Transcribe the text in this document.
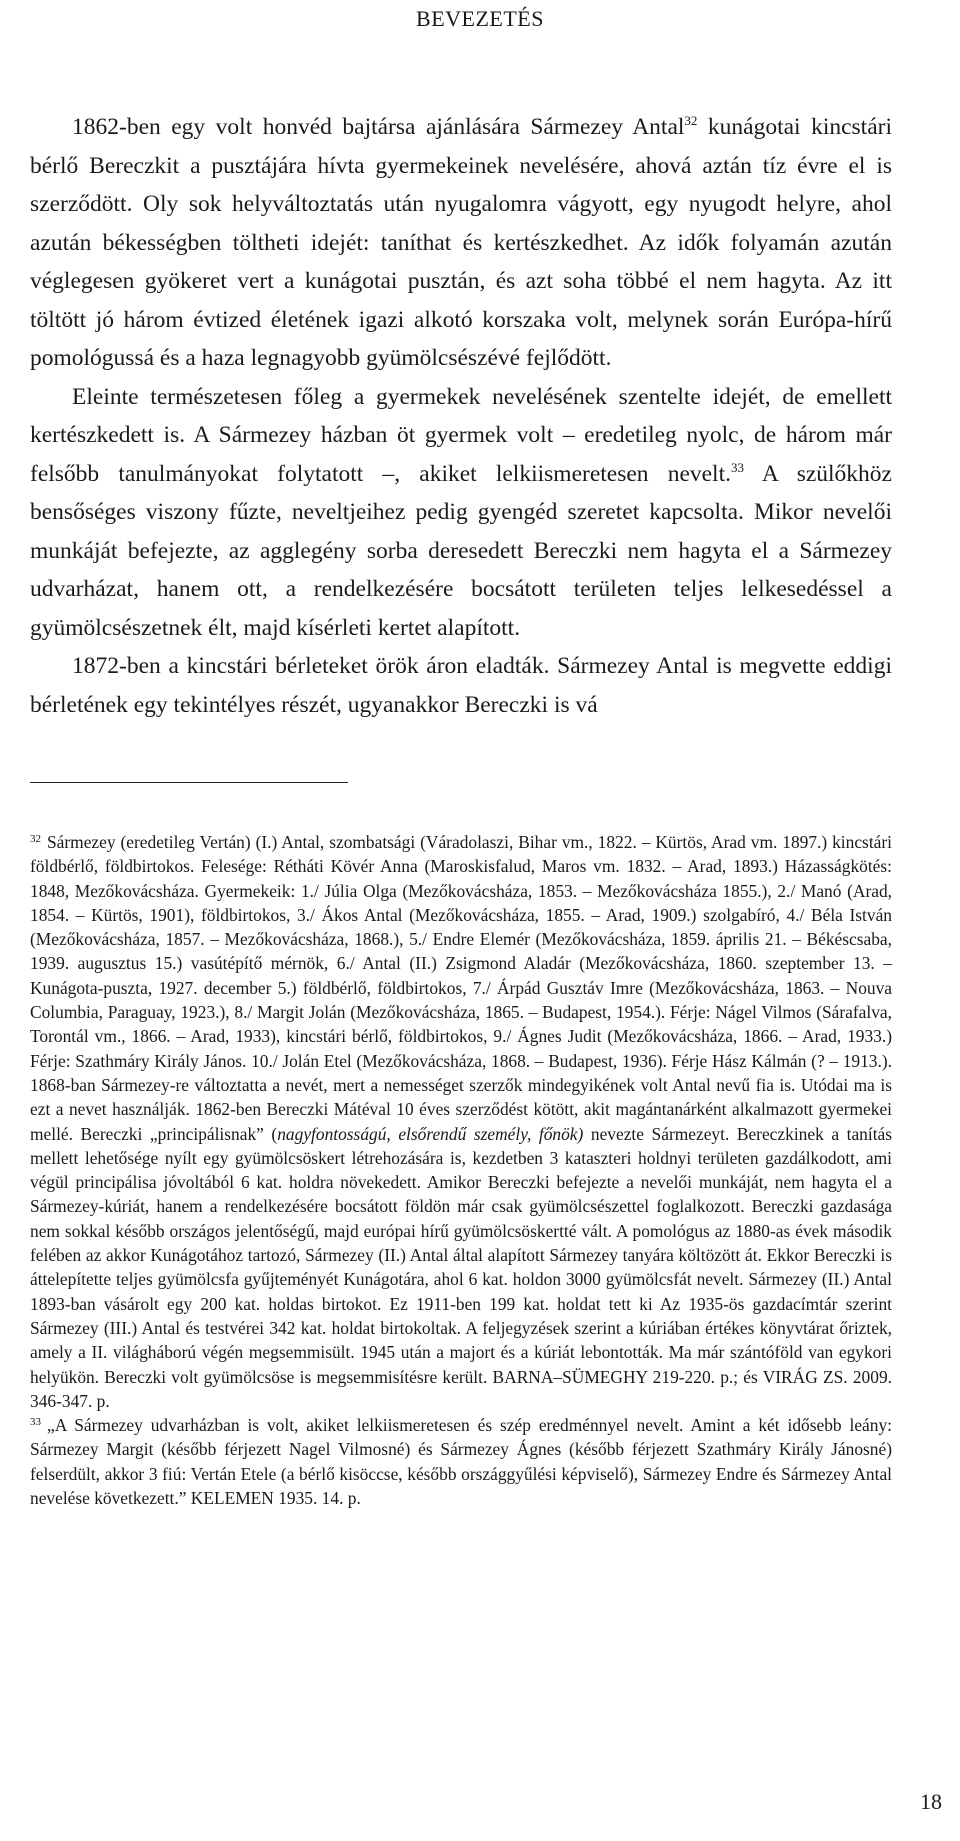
BEVEZETÉS

1862-ben egy volt honvéd bajtársa ajánlására Sármezey Antal$^{32}$ kunágotai kincstári bérlő Bereczkit a pusztájára hívta gyermekeinek nevelésére, ahová aztán tíz évre el is szerződött. Oly sok helyváltoztatás után nyugalomra vágyott, egy nyugodt helyre, ahol azután békességben töltheti idejét: taníthat és kertészkedhet. Az idők folyamán azután véglegesen gyökeret vert a kunágotai pusztán, és azt soha többé el nem hagyta. Az itt töltött jó három évtized életének igazi alkotó korszaka volt, melynek során Európa-hírű pomológussá és a haza legnagyobb gyümölcsészévé fejlődött.

Eleinte természetesen főleg a gyermekek nevelésének szentelte idejét, de emellett kertészkedett is. A Sármezey házban öt gyermek volt – eredetileg nyolc, de három már felsőbb tanulmányokat folytatott –, akiket lelkiismeretesen nevelt.$^{33}$ A szülőkhöz bensőséges viszony fűzte, neveltjeihez pedig gyengéd szeretet kapcsolta. Mikor nevelői munkáját befejezte, az agglegény sorba deresedett Bereczki nem hagyta el a Sármezey udvarházat, hanem ott, a rendelkezésére bocsátott területen teljes lelkesedéssel a gyümölcsészetnek élt, majd kísérleti kertet alapított.

1872-ben a kincstári bérleteket örök áron eladták. Sármezey Antal is megvette eddigi bérletének egy tekintélyes részét, ugyanakkor Bereczki is vá

$^{32}$ Sármezey (eredetileg Vertán) (I.) Antal, szombatsági (Váradolaszi, Bihar vm., 1822. – Kürtös, Arad vm. 1897.) kincstári földbérlő, földbirtokos. Felesége: Rétháti Kövér Anna (Maroskisfalud, Maros vm. 1832. – Arad, 1893.) Házasságkötés: 1848, Mezőkovácsháza. Gyermekeik: 1./ Júlia Olga (Mezőkovácsháza, 1853. – Mezőkovácsháza 1855.), 2./ Manó (Arad, 1854. – Kürtös, 1901), földbirtokos, 3./ Ákos Antal (Mezőkovácsháza, 1855. – Arad, 1909.) szolgabíró, 4./ Béla István (Mezőkovácsháza, 1857. – Mezőkovácsháza, 1868.), 5./ Endre Elemér (Mezőkovácsháza, 1859. április 21. – Békéscsaba, 1939. augusztus 15.) vasútépítő mérnök, 6./ Antal (II.) Zsigmond Aladár (Mezőkovácsháza, 1860. szeptember 13. – Kunágota-puszta, 1927. december 5.) földbérlő, földbirtokos, 7./ Árpád Gusztáv Imre (Mezőkovácsháza, 1863. – Nouva Columbia, Paraguay, 1923.), 8./ Margit Jolán (Mezőkovácsháza, 1865. – Budapest, 1954.). Férje: Nágel Vilmos (Sárafalva, Torontál vm., 1866. – Arad, 1933), kincstári bérlő, földbirtokos, 9./ Ágnes Judit (Mezőkovácsháza, 1866. – Arad, 1933.) Férje: Szathmáry Király János. 10./ Jolán Etel (Mezőkovácsháza, 1868. – Budapest, 1936). Férje Hász Kálmán (? – 1913.). 1868-ban Sármezey-re változtatta a nevét, mert a nemességet szerzők mindegyikének volt Antal nevű fia is. Utódai ma is ezt a nevet használják. 1862-ben Bereczki Mátéval 10 éves szerződést kötött, akit magántanárként alkalmazott gyermekei mellé. Bereczki „principálisnak” (nagyfontosságú, elsőrendű személy, főnök) nevezte Sármezeyt. Bereczkinek a tanítás mellett lehetősége nyílt egy gyümölcsöskert létrehozására is, kezdetben 3 kataszteri holdnyi területen gazdálkodott, ami végül principálisa jóvoltából 6 kat. holdra növekedett. Amikor Bereczki befejezte a nevelői munkáját, nem hagyta el a Sármezey-kúriát, hanem a rendelkezésére bocsátott földön már csak gyümölcsészettel foglalkozott. Bereczki gazdasága nem sokkal később országos jelentőségű, majd európai hírű gyümölcsöskertté vált. A pomológus az 1880-as évek második felében az akkor Kunágotához tartozó, Sármezey (II.) Antal által alapított Sármezey tanyára költözött át. Ekkor Bereczki is áttelepítette teljes gyümölcsfa gyűjteményét Kunágotára, ahol 6 kat. holdon 3000 gyümölcsfát nevelt. Sármezey (II.) Antal 1893-ban vásárolt egy 200 kat. holdas birtokot. Ez 1911-ben 199 kat. holdat tett ki Az 1935-ös gazdacímtár szerint Sármezey (III.) Antal és testvérei 342 kat. holdat birtokoltak. A feljegyzések szerint a kúriában értékes könyvtárat őriztek, amely a II. világháború végén megsemmisült. 1945 után a majort és a kúriát lebontották. Ma már szántóföld van egykori helyükön. Bereczki volt gyümölcsöse is megsemmisítésre került. BARNA–SÜMEGHY 219-220. p.; és VIRÁG ZS. 2009. 346-347. p.

$^{33}$ „A Sármezey udvarházban is volt, akiket lelkiismeretesen és szép eredménnyel nevelt. Amint a két idősebb leány: Sármezey Margit (később férjezett Nagel Vilmosné) és Sármezey Ágnes (később férjezett Szathmáry Király Jánosné) felserdült, akkor 3 fiú: Vertán Etele (a bérlő kisöccse, később országgyűlési képviselő), Sármezey Endre és Sármezey Antal nevelése következett.” KELEMEN 1935. 14. p.

18
